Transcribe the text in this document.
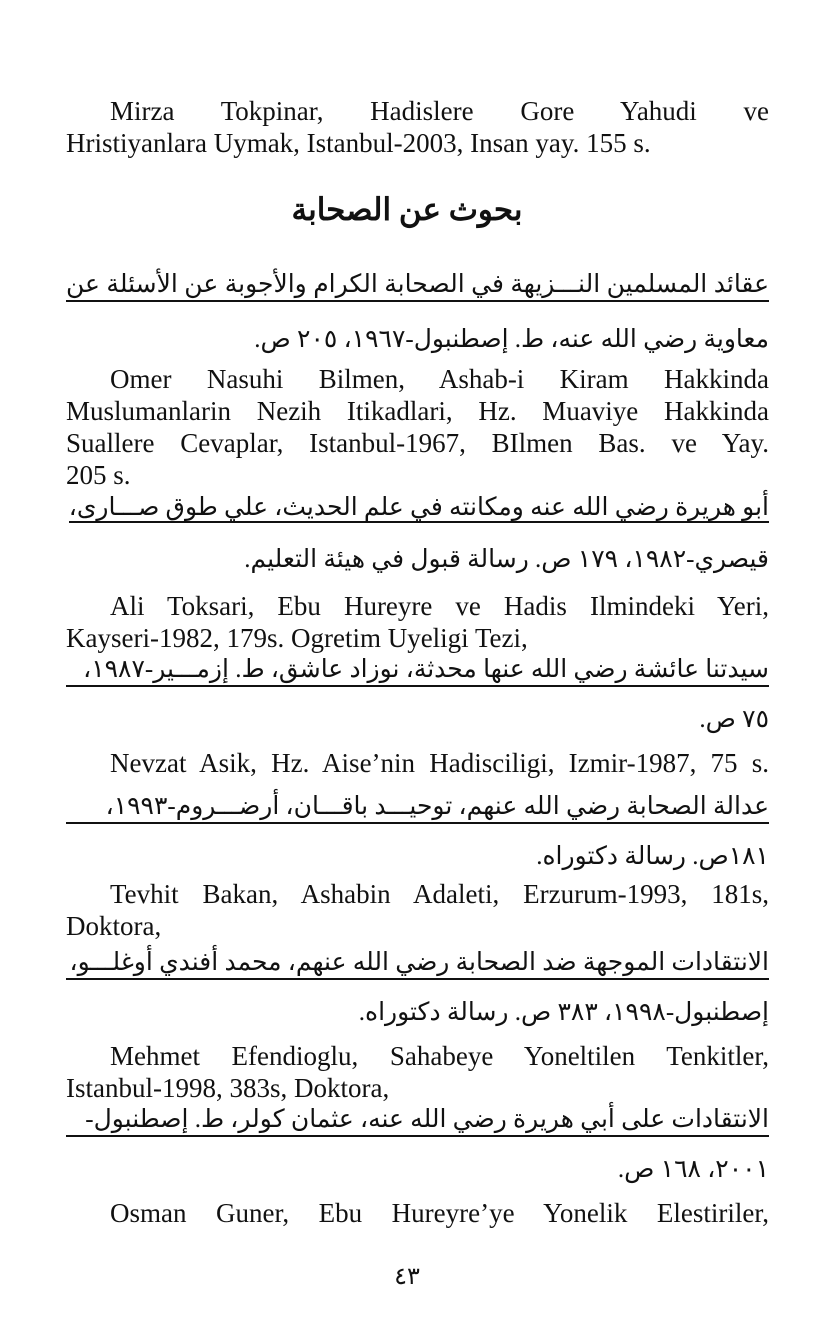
Mirza Tokpinar, Hadislere Gore Yahudi ve
Hristiyanlara Uymak, Istanbul-2003, Insan yay. 155 s.
بحوث عن الصحابة
عقائد المسلمين النـــزيهة في الصحابة الكرام والأجوبة عن الأسئلة عن
معاوية رضي الله عنه، ط. إصطنبول-١٩٦٧، ٢٠٥ ص.
Omer Nasuhi Bilmen, Ashab-i Kiram Hakkinda
Muslumanlarin Nezih Itikadlari, Hz. Muaviye Hakkinda
Suallere Cevaplar, Istanbul-1967, BIlmen Bas. ve Yay.
205 s.
أبو هريرة رضي الله عنه ومكانته في علم الحديث، علي طوق صـــارى،
قيصري-١٩٨٢، ١٧٩ ص. رسالة قبول في هيئة التعليم.
Ali Toksari, Ebu Hureyre ve Hadis Ilmindeki Yeri,
Kayseri-1982, 179s. Ogretim Uyeligi Tezi,
سيدتنا عائشة رضي الله عنها محدثة، نوزاد عاشق، ط. إزمـــير-١٩٨٧،
٧٥ ص.
Nevzat Asik, Hz. Aise’nin Hadisciligi, Izmir-1987, 75 s.
عدالة الصحابة رضي الله عنهم، توحيـــد باقـــان، أرضـــروم-١٩٩٣،
١٨١ص. رسالة دكتوراه.
Tevhit Bakan, Ashabin Adaleti, Erzurum-1993, 181s,
Doktora,
الانتقادات الموجهة ضد الصحابة رضي الله عنهم، محمد أفندي أوغلـــو،
إصطنبول-١٩٩٨، ٣٨٣ ص. رسالة دكتوراه.
Mehmet Efendioglu, Sahabeye Yoneltilen Tenkitler,
Istanbul-1998, 383s, Doktora,
الانتقادات على أبي هريرة رضي الله عنه، عثمان كولر، ط. إصطنبول-
٢٠٠١، ١٦٨ ص.
Osman Guner, Ebu Hureyre’ye Yonelik Elestiriler,
٤٣
